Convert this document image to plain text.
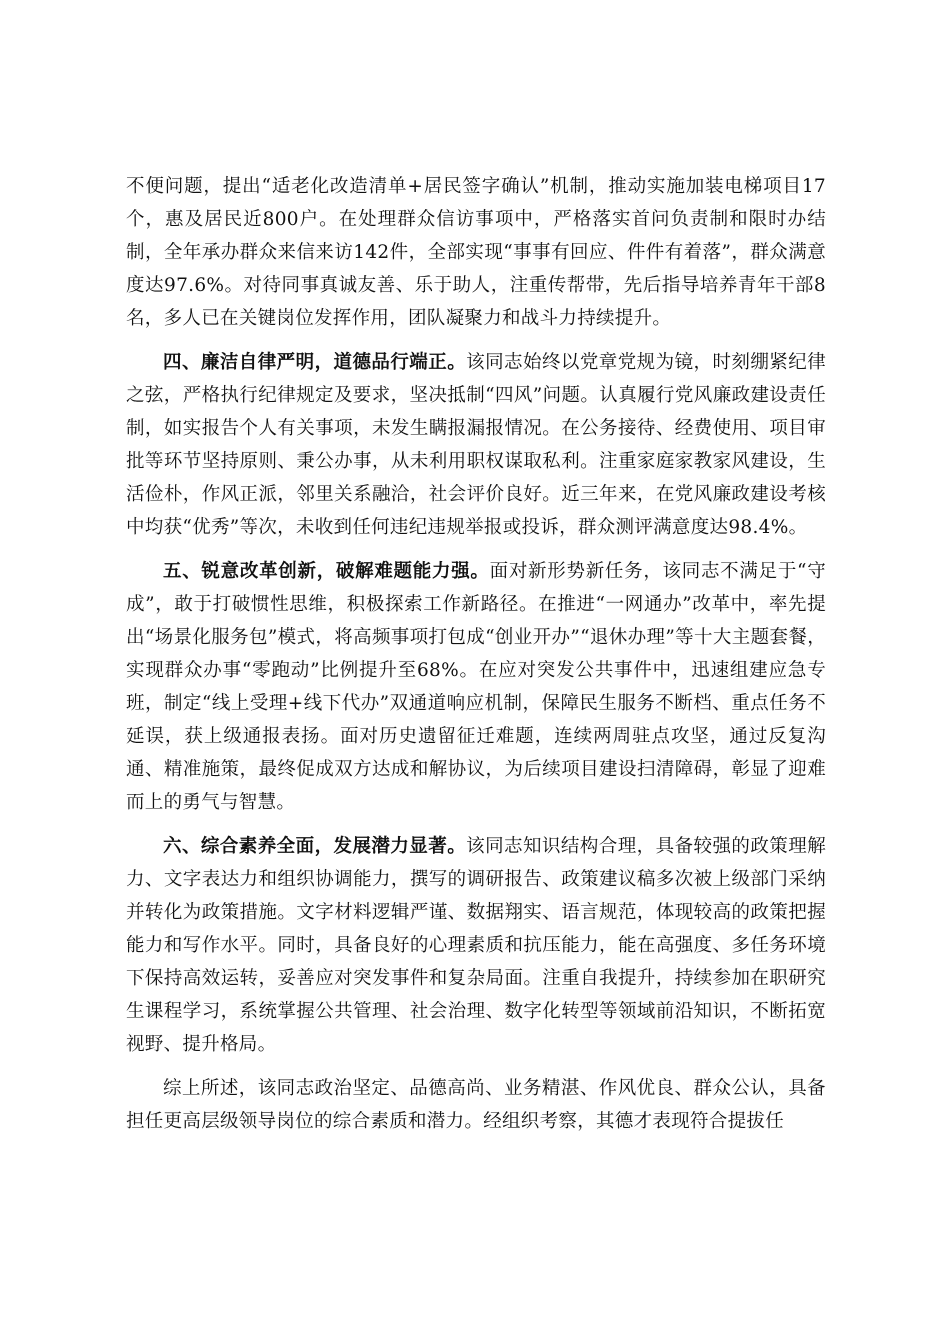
不便问题，提出“适老化改造清单+居民签字确认”机制，推动实施加装电梯项目17个，惠及居民近800户。在处理群众信访事项中，严格落实首问负责制和限时办结制，全年承办群众来信来访142件，全部实现“事事有回应、件件有着落”，群众满意度达97.6%。对待同事真诚友善、乐于助人，注重传帮带，先后指导培养青年干部8名，多人已在关键岗位发挥作用，团队凝聚力和战斗力持续提升。

四、廉洁自律严明，道德品行端正。该同志始终以党章党规为镜，时刻绷紧纪律之弦，严格执行纪律规定及要求，坚决抵制“四风”问题。认真履行党风廉政建设责任制，如实报告个人有关事项，未发生瞒报漏报情况。在公务接待、经费使用、项目审批等环节坚持原则、秉公办事，从未利用职权谋取私利。注重家庭家教家风建设，生活俭朴，作风正派，邻里关系融洽，社会评价良好。近三年来，在党风廉政建设考核中均获“优秀”等次，未收到任何违纪违规举报或投诉，群众测评满意度达98.4%。

五、锐意改革创新，破解难题能力强。面对新形势新任务，该同志不满足于“守成”，敢于打破惯性思维，积极探索工作新路径。在推进“一网通办”改革中，率先提出“场景化服务包”模式，将高频事项打包成“创业开办”“退休办理”等十大主题套餐，实现群众办事“零跑动”比例提升至68%。在应对突发公共事件中，迅速组建应急专班，制定“线上受理+线下代办”双通道响应机制，保障民生服务不断档、重点任务不延误，获上级通报表扬。面对历史遗留征迁难题，连续两周驻点攻坚，通过反复沟通、精准施策，最终促成双方达成和解协议，为后续项目建设扫清障碍，彰显了迎难而上的勇气与智慧。

六、综合素养全面，发展潜力显著。该同志知识结构合理，具备较强的政策理解力、文字表达力和组织协调能力，撰写的调研报告、政策建议稿多次被上级部门采纳并转化为政策措施。文字材料逻辑严谨、数据翔实、语言规范，体现较高的政策把握能力和写作水平。同时，具备良好的心理素质和抗压能力，能在高强度、多任务环境下保持高效运转，妥善应对突发事件和复杂局面。注重自我提升，持续参加在职研究生课程学习，系统掌握公共管理、社会治理、数字化转型等领域前沿知识，不断拓宽视野、提升格局。

综上所述，该同志政治坚定、品德高尚、业务精湛、作风优良、群众公认，具备担任更高层级领导岗位的综合素质和潜力。经组织考察，其德才表现符合提拔任
